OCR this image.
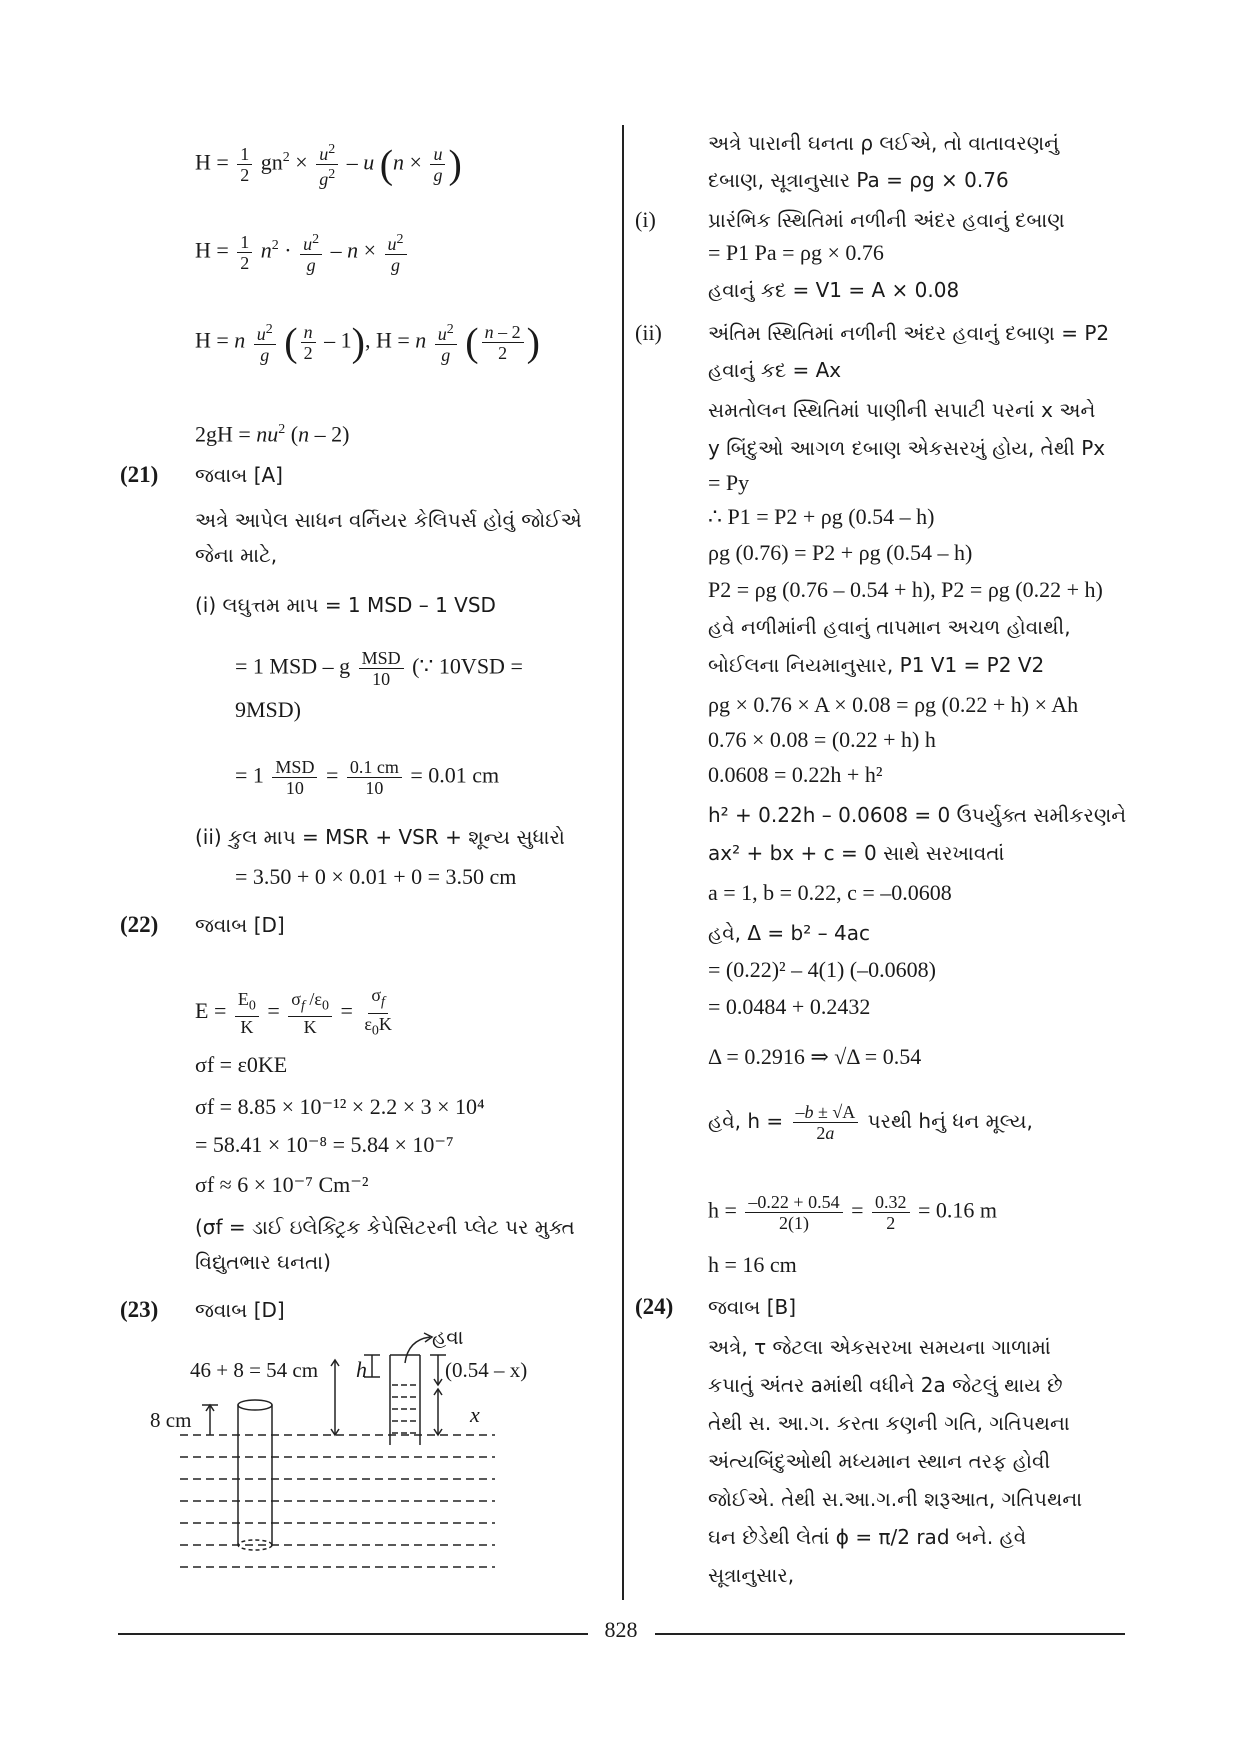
$H = \frac{1}{2} gn^2 \times \frac{u^2}{g^2} - u$ ($n \times \frac{u}{g}$ )
$H = \frac{1}{2} n^2 \cdot \frac{u^2}{g} - n \times \frac{u^2}{g}$
H = n $\frac{u^2}{g}$ ( $\frac{n}{2} - 1$), H = n $\frac{u^2}{g}$ ( $\frac{n - 2}{2}$ )
$2gH = nu^2$ (n – 2)
(21) જવાબ [A]
અત્રે આપેલ સાધન વર્નિયર કેલિપર્સ હોવું જોઈએ
જેના માટે,
(i) લઘુત્તમ માપ = 1 MSD – 1 VSD
= 1 MSD – g $\frac{\text{MSD}}{10}$ (∵ 10VSD =
9MSD)
= $1 \frac{\text{MSD}}{10} = \frac{0.1 cm}{10} = 0.01$ cm
(ii) કુલ માપ = MSR + VSR + શૂન્ય સુધારો
= 3.50 + 0 × 0.01 + 0 = 3.50 cm
(22) જવાબ [D]
$E = \frac{E_0}{K} = \frac{\sigma_f /\varepsilon_0}{K} = \frac{\sigma_f}{\varepsilon_0K}$
σf = ε0KE
σf = 8.85 × 10⁻¹² × 2.2 × 3 × 10⁴
= 58.41 × 10⁻⁸ = 5.84 × 10⁻⁷
σf ≈ 6 × 10⁻⁷ Cm⁻²
(σf = ડાઈ ઇલેક્ટ્રિક કેપેસિટરની પ્લેટ પર મુક્ત
વિદ્યુતભાર ઘનતા)
(23) જવાબ [D]
હવા
46 + 8 = 54 cm h	(0.54 – x)
x
8 cm
અત્રે પારાની ઘનતા ρ લઈએ, તો વાતાવરણનું
દબાણ, સૂત્રાનુસાર Pa = ρg × 0.76
(i)	પ્રારંભિક સ્થિતિમાં નળીની અંદર હવાનું દબાણ
= P1 Pa = ρg × 0.76
હવાનું કદ = V1 = A × 0.08
(ii) અંતિમ સ્થિતિમાં નળીની અંદર હવાનું દબાણ = P2
હવાનું કદ = Ax
સમતોલન સ્થિતિમાં પાણીની સપાટી પરનાં x અને
y બિંદુઓ આગળ દબાણ એકસરખું હોય, તેથી Px
= Py
∴ P1 = P2 + ρg (0.54 – h)
ρg (0.76) = P2 + ρg (0.54 – h)
P2 = ρg (0.76 – 0.54 + h), P2 = ρg (0.22 + h)
હવે નળીમાંની હવાનું તાપમાન અચળ હોવાથી,
બોઈલના નિયમાનુસાર, P1 V1 = P2 V2
ρg × 0.76 × A × 0.08 = ρg (0.22 + h) × Ah
0.76 × 0.08 = (0.22 + h) h
0.0608 = 0.22h + h²
h² + 0.22h – 0.0608 = 0 ઉપર્યુક્ત સમીકરણને
ax² + bx + c = 0 સાથે સરખાવતાં
a = 1, b = 0.22, c = –0.0608
હવે, Δ = b² – 4ac
= (0.22)² – 4(1) (–0.0608)
= 0.0484 + 0.2432
Δ = 0.2916 ⇒ √Δ = 0.54
હવે, $h = \frac{-b \pm √A}{2a}$ પરથી hનું ધન મૂલ્ય,
$h = \frac{-0.22 + 0.54}{2(1)} = \frac{0.32}{2} = 0.16$ m
h = 16 cm
(24) જવાબ [B]
અત્રે, τ જેટલા એકસરખા સમયના ગાળામાં
કપાતું અંતર aમાંથી વધીને 2a જેટલું થાય છે
તેથી સ. આ.ગ. કરતા કણની ગતિ, ગતિપથના
અંત્યબિંદુઓથી મધ્યમાન સ્થાન તરફ હોવી
જોઈએ. તેથી સ.આ.ગ.ની શરૂઆત, ગતિપથના
ઘન છેડેથી લેતાં ϕ = π/2 rad બને. હવે
સૂત્રાનુસાર,
828
